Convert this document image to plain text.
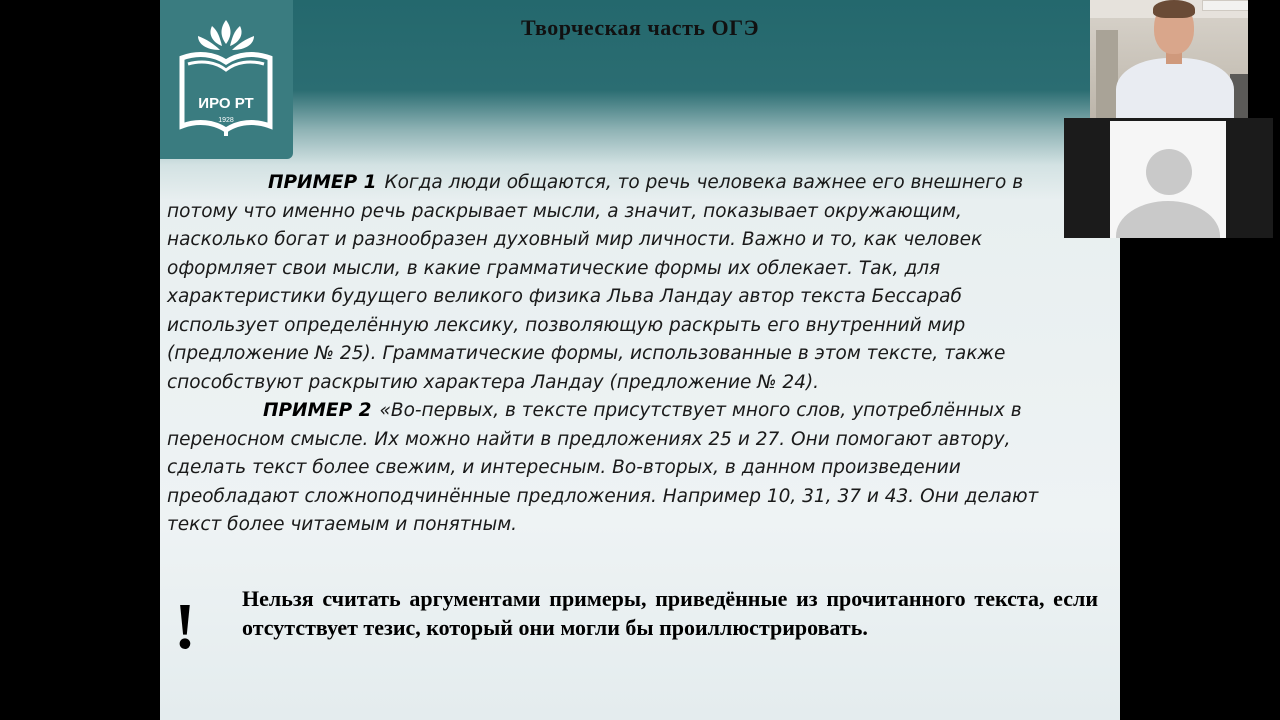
ИРО РТ
1928
Творческая часть ОГЭ
ПРИМЕР 1 Когда люди общаются, то речь человека важнее его внешнего в
потому что именно речь раскрывает мысли, а значит, показывает окружающим,
насколько богат и разнообразен духовный мир личности. Важно и то, как человек
оформляет свои мысли, в какие грамматические формы их облекает. Так, для
характеристики будущего великого физика Льва Ландау автор текста Бессараб
использует определённую лексику, позволяющую раскрыть его внутренний мир
(предложение № 25). Грамматические формы, использованные в этом тексте, также
способствуют раскрытию характера Ландау (предложение № 24).
ПРИМЕР 2 «Во-первых, в тексте присутствует много слов, употреблённых в
переносном смысле. Их можно найти в предложениях 25 и 27. Они помогают автору,
сделать текст более свежим, и интересным. Во-вторых, в данном произведении
преобладают сложноподчинённые предложения. Например 10, 31, 37 и 43. Они делают
текст более читаемым и понятным.
! Нельзя считать аргументами примеры, приведённые из прочитанного текста, если отсутствует тезис, который они могли бы проиллюстрировать.
